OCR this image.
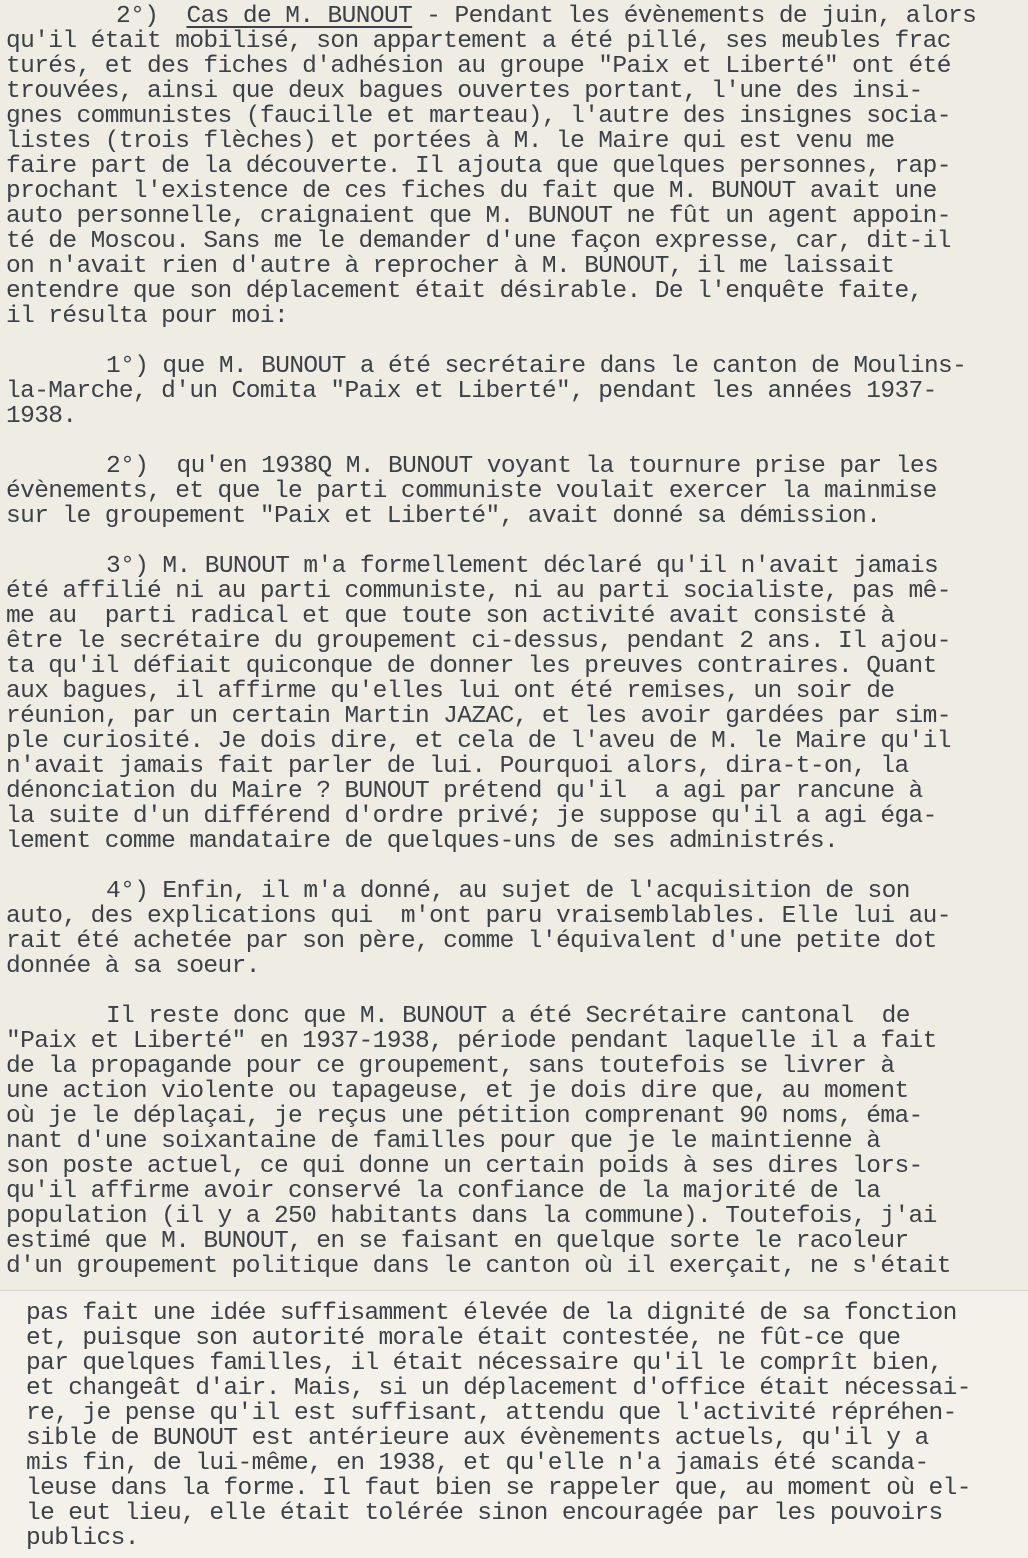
2°)  Cas de M. BUNOUT - Pendant les évènements de juin, alors
qu'il était mobilisé, son appartement a été pillé, ses meubles frac
turés, et des fiches d'adhésion au groupe "Paix et Liberté" ont été
trouvées, ainsi que deux bagues ouvertes portant, l'une des insi-
gnes communistes (faucille et marteau), l'autre des insignes socia-
listes (trois flèches) et portées à M. le Maire qui est venu me
faire part de la découverte. Il ajouta que quelques personnes, rap-
prochant l'existence de ces fiches du fait que M. BUNOUT avait une
auto personnelle, craignaient que M. BUNOUT ne fût un agent appoin-
té de Moscou. Sans me le demander d'une façon expresse, car, dit-il
on n'avait rien d'autre à reprocher à M. BUNOUT, il me laissait
entendre que son déplacement était désirable. De l'enquête faite,
il résulta pour moi:
1°) que M. BUNOUT a été secrétaire dans le canton de Moulins-
la-Marche, d'un Comita "Paix et Liberté", pendant les années 1937-
1938.
2°)  qu'en 1938Q M. BUNOUT voyant la tournure prise par les
évènements, et que le parti communiste voulait exercer la mainmise
sur le groupement "Paix et Liberté", avait donné sa démission.
3°) M. BUNOUT m'a formellement déclaré qu'il n'avait jamais
été affilié ni au parti communiste, ni au parti socialiste, pas mê-
me au  parti radical et que toute son activité avait consisté à
être le secrétaire du groupement ci-dessus, pendant 2 ans. Il ajou-
ta qu'il défiait quiconque de donner les preuves contraires. Quant
aux bagues, il affirme qu'elles lui ont été remises, un soir de
réunion, par un certain Martin JAZAC, et les avoir gardées par sim-
ple curiosité. Je dois dire, et cela de l'aveu de M. le Maire qu'il
n'avait jamais fait parler de lui. Pourquoi alors, dira-t-on, la
dénonciation du Maire ? BUNOUT prétend qu'il  a agi par rancune à
la suite d'un différend d'ordre privé; je suppose qu'il a agi éga-
lement comme mandataire de quelques-uns de ses administrés.
4°) Enfin, il m'a donné, au sujet de l'acquisition de son
auto, des explications qui  m'ont paru vraisemblables. Elle lui au-
rait été achetée par son père, comme l'équivalent d'une petite dot
donnée à sa soeur.
Il reste donc que M. BUNOUT a été Secrétaire cantonal  de
"Paix et Liberté" en 1937-1938, période pendant laquelle il a fait
de la propagande pour ce groupement, sans toutefois se livrer à
une action violente ou tapageuse, et je dois dire que, au moment
où je le déplaçai, je reçus une pétition comprenant 90 noms, éma-
nant d'une soixantaine de familles pour que je le maintienne à
son poste actuel, ce qui donne un certain poids à ses dires lors-
qu'il affirme avoir conservé la confiance de la majorité de la
population (il y a 250 habitants dans la commune). Toutefois, j'ai
estimé que M. BUNOUT, en se faisant en quelque sorte le racoleur
d'un groupement politique dans le canton où il exerçait, ne s'était
pas fait une idée suffisamment élevée de la dignité de sa fonction
et, puisque son autorité morale était contestée, ne fût-ce que
par quelques familles, il était nécessaire qu'il le comprît bien,
et changeât d'air. Mais, si un déplacement d'office était nécessai-
re, je pense qu'il est suffisant, attendu que l'activité répréhen-
sible de BUNOUT est antérieure aux évènements actuels, qu'il y a
mis fin, de lui-même, en 1938, et qu'elle n'a jamais été scanda-
leuse dans la forme. Il faut bien se rappeler que, au moment où el-
le eut lieu, elle était tolérée sinon encouragée par les pouvoirs
publics.
